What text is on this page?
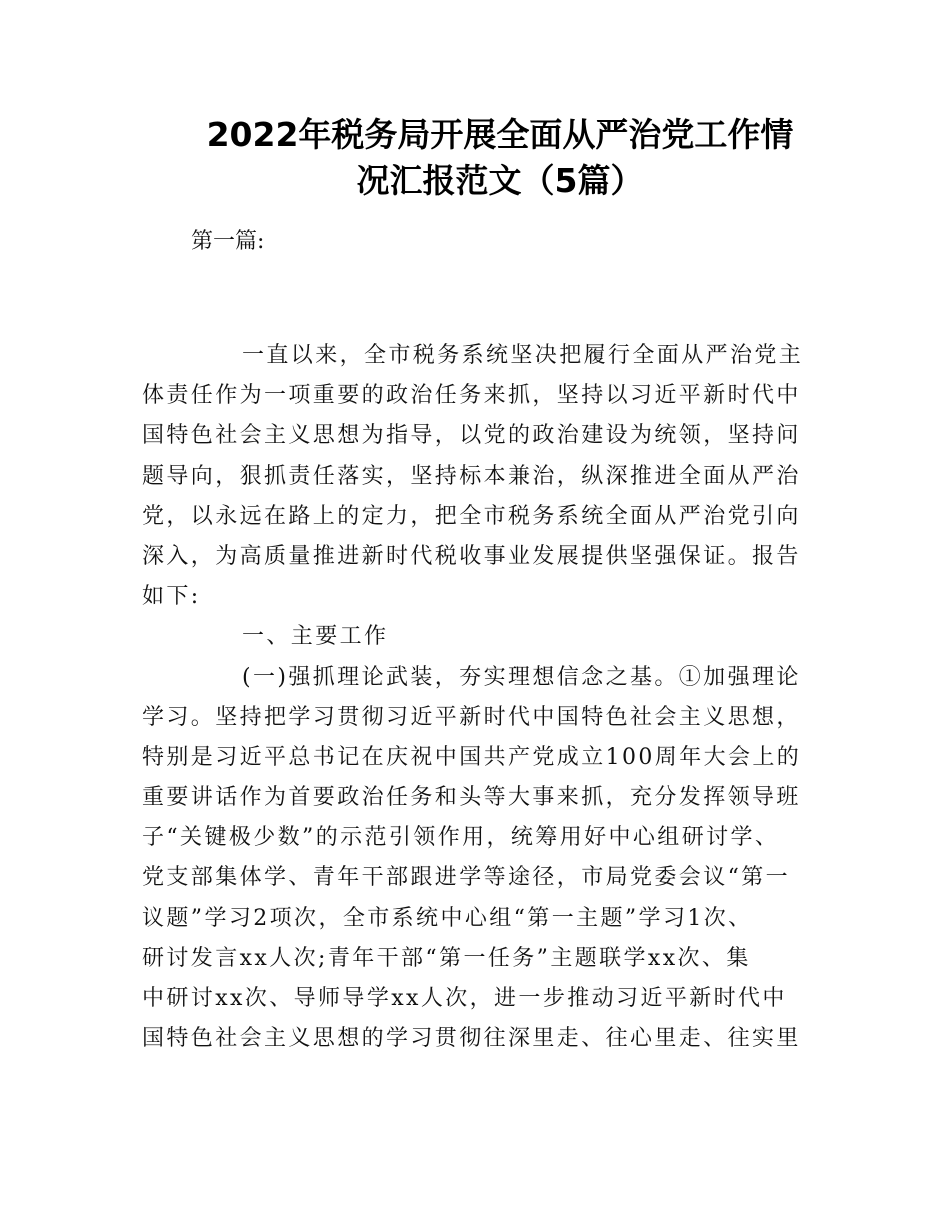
2022年税务局开展全面从严治党工作情
况汇报范文（5篇）
第一篇:
一直以来，全市税务系统坚决把履行全面从严治党主
体责任作为一项重要的政治任务来抓，坚持以习近平新时代中
国特色社会主义思想为指导，以党的政治建设为统领，坚持问
题导向，狠抓责任落实，坚持标本兼治，纵深推进全面从严治
党，以永远在路上的定力，把全市税务系统全面从严治党引向
深入，为高质量推进新时代税收事业发展提供坚强保证。报告
如下:
一、主要工作
(一)强抓理论武装，夯实理想信念之基。①加强理论
学习。坚持把学习贯彻习近平新时代中国特色社会主义思想，
特别是习近平总书记在庆祝中国共产党成立100周年大会上的
重要讲话作为首要政治任务和头等大事来抓，充分发挥领导班
子“关键极少数”的示范引领作用，统筹用好中心组研讨学、
党支部集体学、青年干部跟进学等途径，市局党委会议“第一
议题”学习2项次，全市系统中心组“第一主题”学习1次、
研讨发言xx人次;青年干部“第一任务”主题联学xx次、集
中研讨xx次、导师导学xx人次，进一步推动习近平新时代中
国特色社会主义思想的学习贯彻往深里走、往心里走、往实里
